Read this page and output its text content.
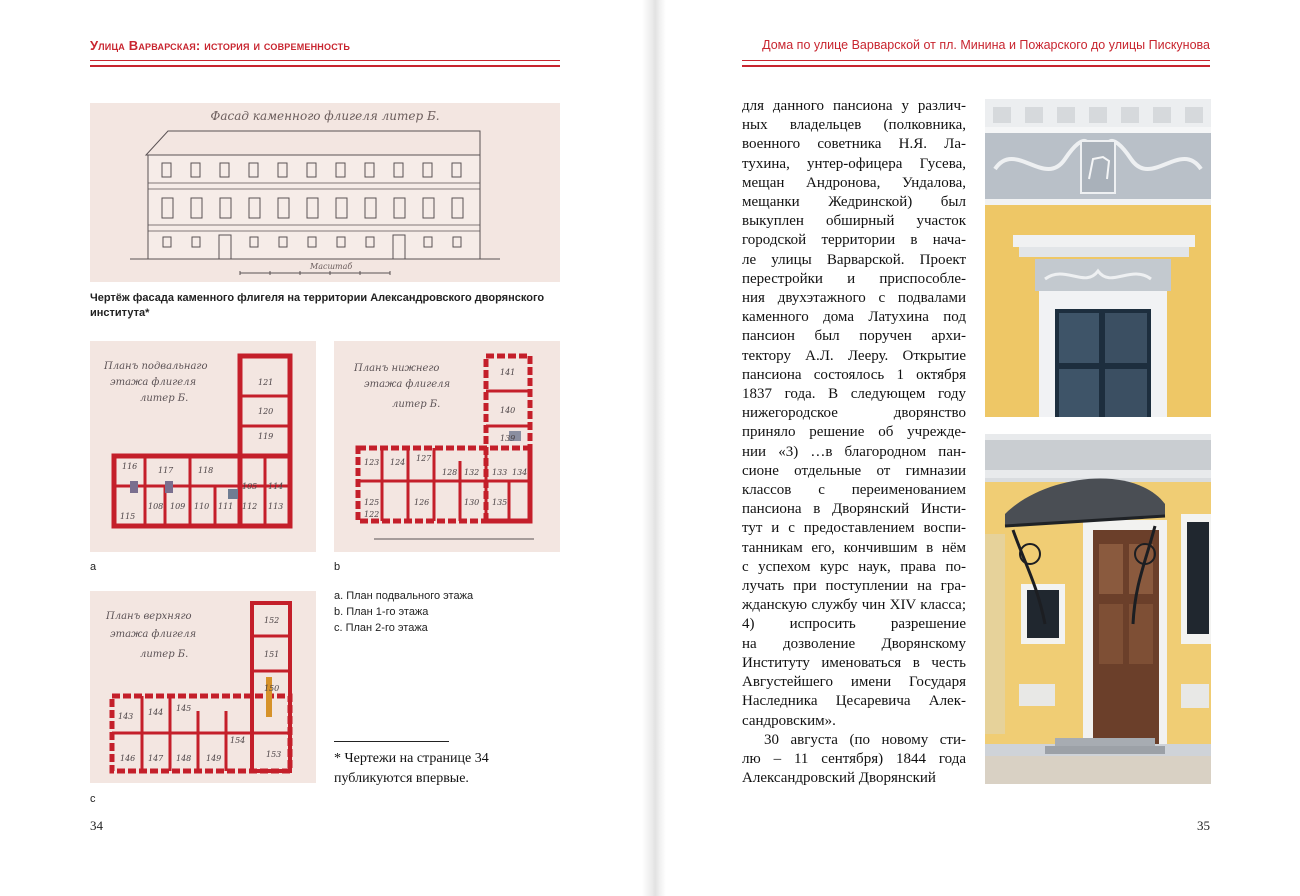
Улица Варварская: история и современность
Фасад каменного флигеля литер Б.
Масштаб
Чертёж фасада каменного флигеля на территории Александровского дворянского института*
Планъ подвальнаго
этажа флигеля
литер Б.
121
120
119
116	117	118
115
108 109 110 111 112 113
114
105
a
Планъ нижнего
этажа флигеля
литер Б.
141
140
139
123 124 127
128 132 133 134
125	126	130 135
122
b
Планъ верхняго
этажа флигеля
литер Б.
152
151
150
143 144 145
146 147 148 149	153
154
c
a. План подвального этажа
b. План 1-го этажа
c. План 2-го этажа
* Чертежи на странице 34
публикуются впервые.
34
Дома по улице Варварской от пл. Минина и Пожарского до улицы Пискунова
для данного пансиона у различ-
ных владельцев (полковника,
военного советника Н.Я. Ла-
тухина, унтер-офицера Гусева,
мещан Андронова, Ундалова,
мещанки Жедринской) был
выкуплен обширный участок
городской территории в нача-
ле улицы Варварской. Проект
перестройки и приспособле-
ния двухэтажного с подвалами
каменного дома Латухина под
пансион был поручен архи-
тектору А.Л. Лееру. Открытие
пансиона состоялось 1 октября
1837 года. В следующем году
нижегородское дворянство
приняло решение об учрежде-
нии «3) …в благородном пан-
сионе отдельные от гимназии
классов с переименованием
пансиона в Дворянский Инсти-
тут и с предоставлением воспи-
танникам его, кончившим в нём
с успехом курс наук, права по-
лучать при поступлении на гра-
жданскую службу чин XIV класса;
4) испросить разрешение
на дозволение Дворянскому
Институту именоваться в честь
Августейшего имени Государя
Наследника Цесаревича Алек-
сандровским».
30 августа (по новому сти-
лю – 11 сентября) 1844 года
Александровский Дворянский
35
